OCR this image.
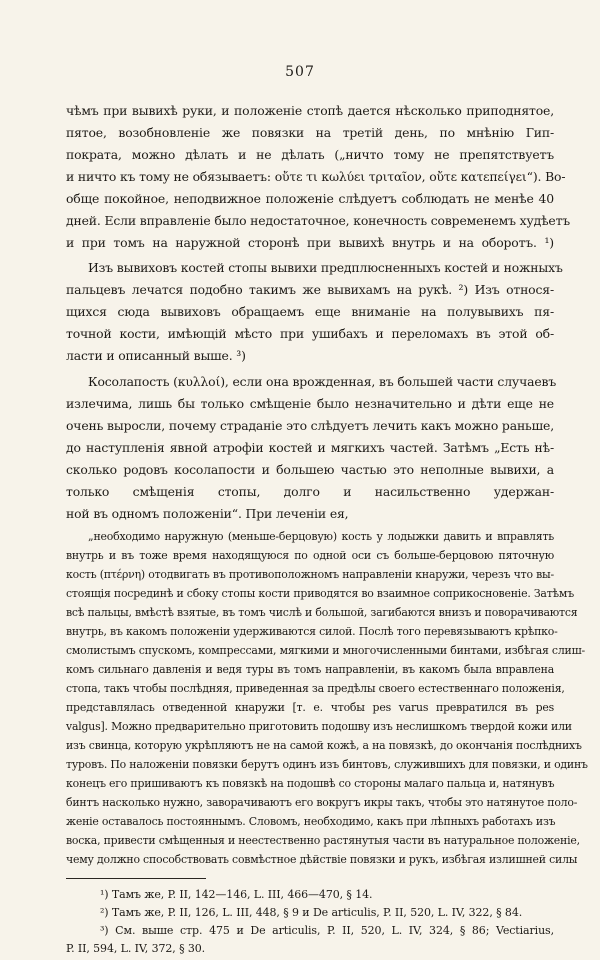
507
чѣмъ при вывихѣ руки, и положеніе стопѣ дается нѣсколько приподнятое,
пятое, возобновленіе же повязки на третій день, по мнѣнію Гип-
пократа, можно дѣлать и не дѣлать („ничто тому не препятствуетъ
и ничто къ тому не обязываетъ: οὔτε τι κωλύει τριταῖον, οὔτε κατεπείγει“). Во-
обще покойное, неподвижное положеніе слѣдуетъ соблюдать не менѣе 40
дней. Если вправленіе было недостаточное, конечность современемъ худѣетъ
и при томъ на наружной сторонѣ при вывихѣ внутрь и на оборотъ. ¹)
Изъ вывиховъ костей стопы вывихи предплюсненныхъ костей и ножныхъ
пальцевъ лечатся подобно такимъ же вывихамъ на рукѣ. ²) Изъ относя-
щихся сюда вывиховъ обращаемъ еще вниманіе на полувывихъ пя-
точной кости, имѣющій мѣсто при ушибахъ и переломахъ въ этой об-
ласти и описанный выше. ³)
Косолапость (κυλλοί), если она врожденная, въ большей части случаевъ
излечима, лишь бы только смѣщеніе было незначительно и дѣти еще не
очень выросли, почему страданіе это слѣдуетъ лечить какъ можно раньше,
до наступленія явной атрофіи костей и мягкихъ частей. Затѣмъ „Есть нѣ-
сколько родовъ косолапости и большею частью это неполные вывихи, а
только смѣщенія стопы, долго и насильственно удержан-
ной въ одномъ положеніи“. При леченіи ея,
„необходимо наружную (меньше-берцовую) кость у лодыжки давить и вправлять
внутрь и въ тоже время находящуюся по одной оси съ больше-берцовою пяточную
кость (πτέρνη) отодвигать въ противоположномъ направленіи кнаружи, черезъ что вы-
стоящія посрединѣ и сбоку стопы кости приводятся во взаимное соприкосновеніе. Затѣмъ
всѣ пальцы, вмѣстѣ взятые, въ томъ числѣ и большой, загибаются внизъ и поворачиваются
внутрь, въ какомъ положеніи удерживаются силой. Послѣ того перевязываютъ крѣпко-
смолистымъ спускомъ, компрессами, мягкими и многочисленными бинтами, избѣгая слиш-
комъ сильнаго давленія и ведя туры въ томъ направленіи, въ какомъ была вправлена
стопа, такъ чтобы послѣдняя, приведенная за предѣлы своего естественнаго положенія,
представлялась отведенной кнаружи [т. е. чтобы pes varus превратился въ pes
valgus]. Можно предварительно приготовить подошву изъ неслишкомъ твердой кожи или
изъ свинца, которую укрѣпляютъ не на самой кожѣ, а на повязкѣ, до окончанія послѣднихъ
туровъ. По наложеніи повязки берутъ одинъ изъ бинтовъ, служившихъ для повязки, и одинъ
конецъ его пришиваютъ къ повязкѣ на подошвѣ со стороны малаго пальца и, натянувъ
бинтъ насколько нужно, заворачиваютъ его вокругъ икры такъ, чтобы это натянутое поло-
женіе оставалось постояннымъ. Словомъ, необходимо, какъ при лѣпныхъ работахъ изъ
воска, привести смѣщенныя и неестественно растянутыя части въ натуральное положеніе,
чему должно способствовать совмѣстное дѣйствіе повязки и рукъ, избѣгая излишней силы
¹) Тамъ же, P. II, 142—146, L. III, 466—470, § 14.
²) Тамъ же, P. II, 126, L. III, 448, § 9 и De articulis, P. II, 520, L. IV, 322, § 84.
³) См. выше стр. 475 и De articulis, P. II, 520, L. IV, 324, § 86; Vectiarius,
P. II, 594, L. IV, 372, § 30.
